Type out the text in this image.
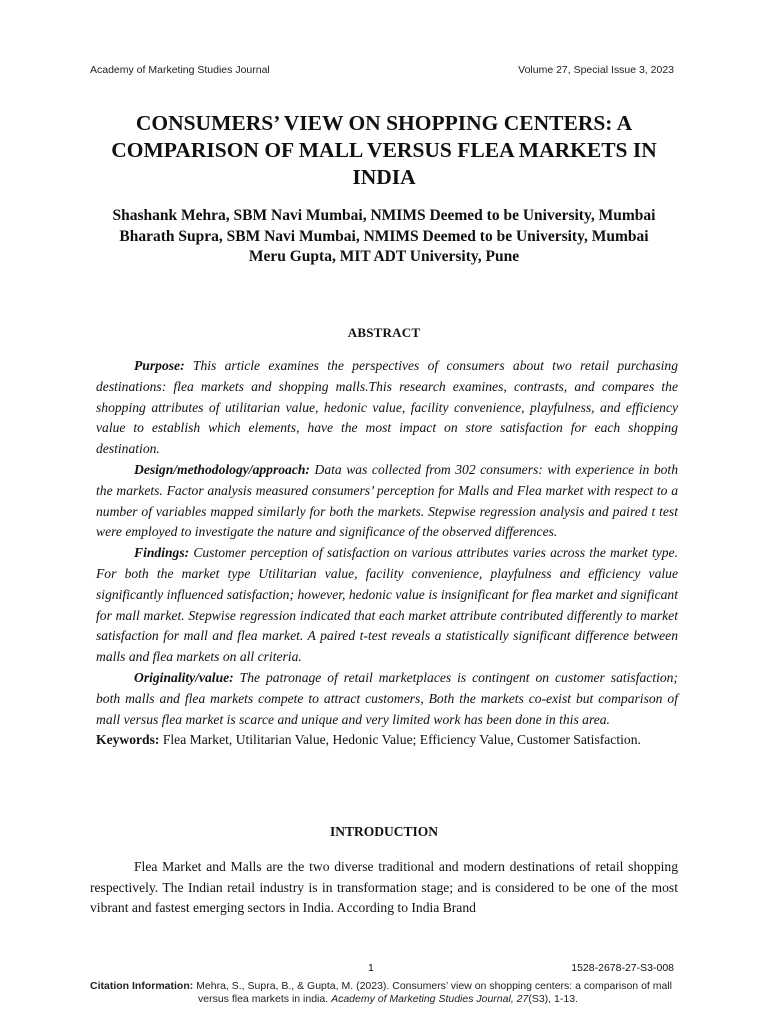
Academy of Marketing Studies Journal	Volume 27, Special Issue 3, 2023
CONSUMERS’ VIEW ON SHOPPING CENTERS: A COMPARISON OF MALL VERSUS FLEA MARKETS IN INDIA
Shashank Mehra, SBM Navi Mumbai, NMIMS Deemed to be University, Mumbai
Bharath Supra, SBM Navi Mumbai, NMIMS Deemed to be University, Mumbai
Meru Gupta, MIT ADT University, Pune
ABSTRACT

Purpose: This article examines the perspectives of consumers about two retail purchasing destinations: flea markets and shopping malls.This research examines, contrasts, and compares the shopping attributes of utilitarian value, hedonic value, facility convenience, playfulness, and efficiency value to establish which elements, have the most impact on store satisfaction for each shopping destination.

Design/methodology/approach: Data was collected from 302 consumers: with experience in both the markets. Factor analysis measured consumers’ perception for Malls and Flea market with respect to a number of variables mapped similarly for both the markets. Stepwise regression analysis and paired t test were employed to investigate the nature and significance of the observed differences.

Findings: Customer perception of satisfaction on various attributes varies across the market type. For both the market type Utilitarian value, facility convenience, playfulness and efficiency value significantly influenced satisfaction; however, hedonic value is insignificant for flea market and significant for mall market. Stepwise regression indicated that each market attribute contributed differently to market satisfaction for mall and flea market. A paired t-test reveals a statistically significant difference between malls and flea markets on all criteria.

Originality/value: The patronage of retail marketplaces is contingent on customer satisfaction; both malls and flea markets compete to attract customers, Both the markets co-exist but comparison of mall versus flea market is scarce and unique and very limited work has been done in this area.

Keywords: Flea Market, Utilitarian Value, Hedonic Value; Efficiency Value, Customer Satisfaction.

INTRODUCTION

Flea Market and Malls are the two diverse traditional and modern destinations of retail shopping respectively. The Indian retail industry is in transformation stage; and is considered to be one of the most vibrant and fastest emerging sectors in India. According to India Brand

1	1528-2678-27-S3-008
Citation Information: Mehra, S., Supra, B., & Gupta, M. (2023). Consumers’ view on shopping centers: a comparison of mall
versus flea markets in india. Academy of Marketing Studies Journal, 27(S3), 1-13.
